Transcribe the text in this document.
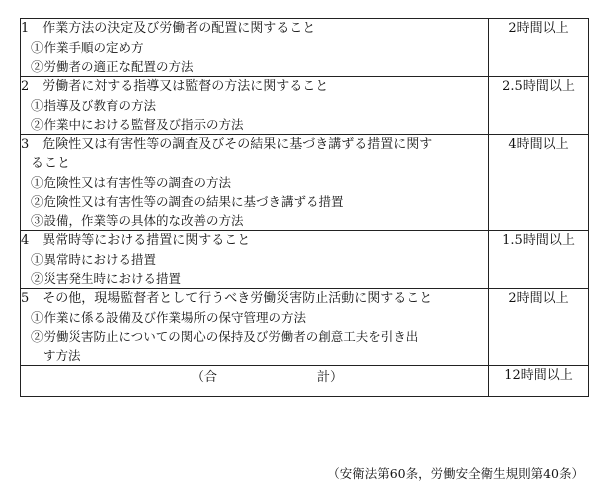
1　作業方法の決定及び労働者の配置に関すること
①作業手順の定め方
②労働者の適正な配置の方法	2時間以上

2　労働者に対する指導又は監督の方法に関すること
①指導及び教育の方法
②作業中における監督及び指示の方法	2.5時間以上

3　危険性又は有害性等の調査及びその結果に基づき講ずる措置に関す
ること
①危険性又は有害性等の調査の方法
②危険性又は有害性等の調査の結果に基づき講ずる措置
③設備，作業等の具体的な改善の方法	4時間以上

4　異常時等における措置に関すること
①異常時における措置
②災害発生時における措置	1.5時間以上

5　その他，現場監督者として行うべき労働災害防止活動に関すること
①作業に係る設備及び作業場所の保守管理の方法
②労働災害防止についての関心の保持及び労働者の創意工夫を引き出
す方法	2時間以上
（合 計）	12時間以上
（安衛法第60条，労働安全衛生規則第40条）
